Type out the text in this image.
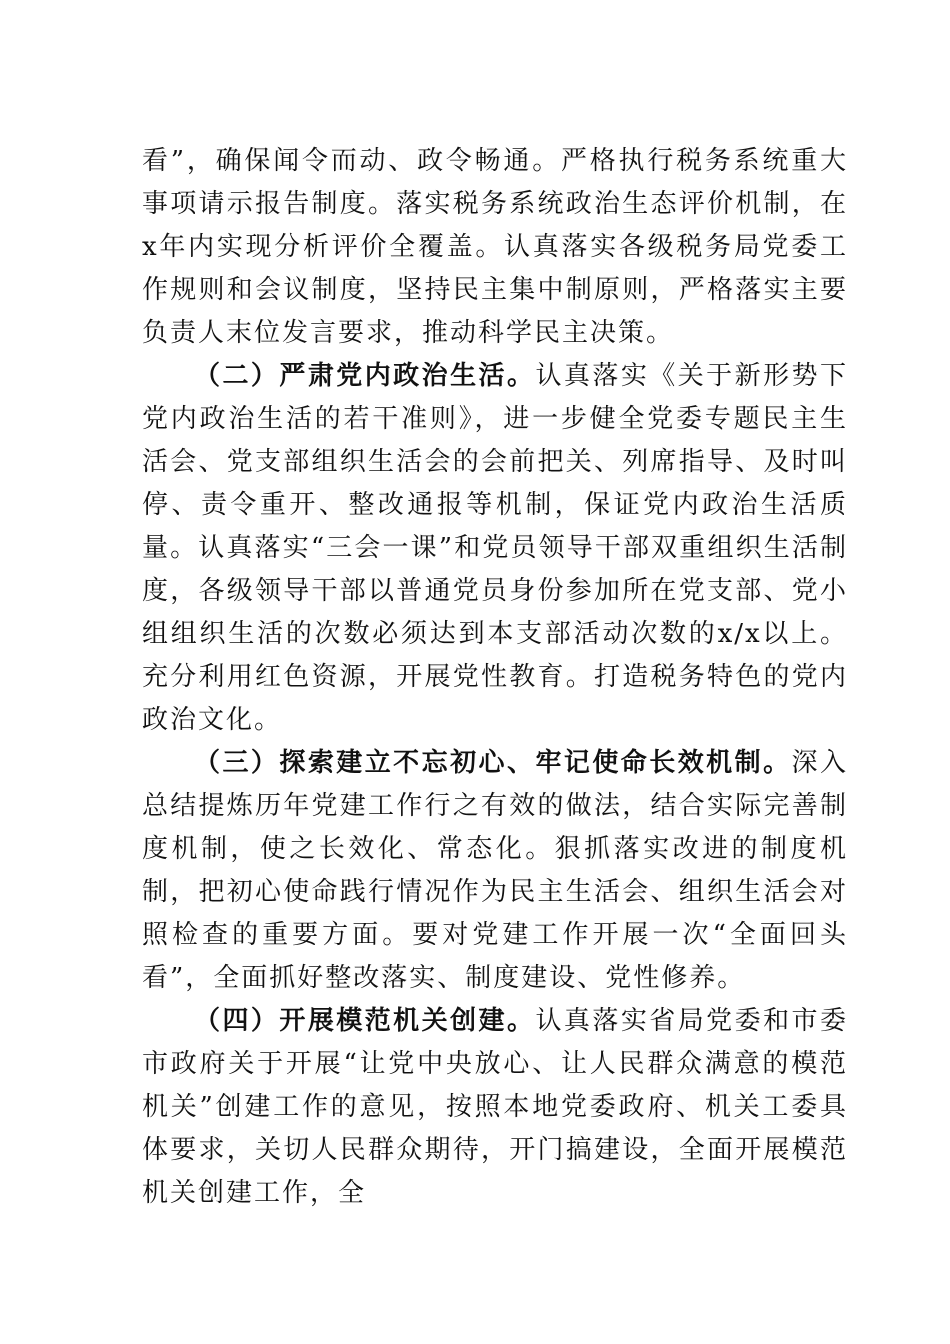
看”，确保闻令而动、政令畅通。严格执行税务系统重大事项请示报告制度。落实税务系统政治生态评价机制，在x年内实现分析评价全覆盖。认真落实各级税务局党委工作规则和会议制度，坚持民主集中制原则，严格落实主要负责人末位发言要求，推动科学民主决策。

（二）严肃党内政治生活。认真落实《关于新形势下党内政治生活的若干准则》，进一步健全党委专题民主生活会、党支部组织生活会的会前把关、列席指导、及时叫停、责令重开、整改通报等机制，保证党内政治生活质量。认真落实“三会一课”和党员领导干部双重组织生活制度，各级领导干部以普通党员身份参加所在党支部、党小组组织生活的次数必须达到本支部活动次数的x/x以上。充分利用红色资源，开展党性教育。打造税务特色的党内政治文化。

（三）探索建立不忘初心、牢记使命长效机制。深入总结提炼历年党建工作行之有效的做法，结合实际完善制度机制，使之长效化、常态化。狠抓落实改进的制度机制，把初心使命践行情况作为民主生活会、组织生活会对照检查的重要方面。要对党建工作开展一次“全面回头看”，全面抓好整改落实、制度建设、党性修养。

（四）开展模范机关创建。认真落实省局党委和市委市政府关于开展“让党中央放心、让人民群众满意的模范机关”创建工作的意见，按照本地党委政府、机关工委具体要求，关切人民群众期待，开门搞建设，全面开展模范机关创建工作，全
